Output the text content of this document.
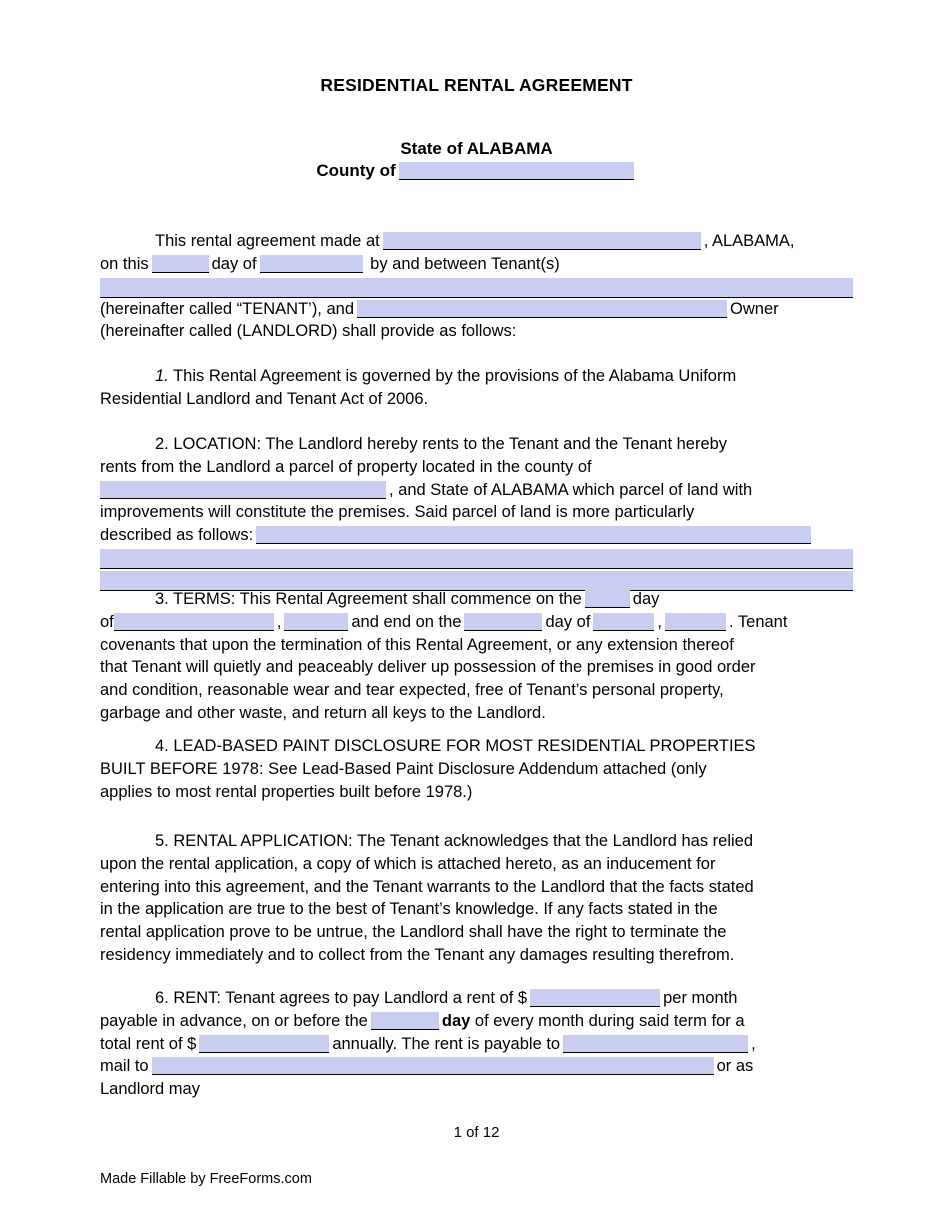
RESIDENTIAL RENTAL AGREEMENT
State of ALABAMA
County of
This rental agreement made at	, ALABAMA,
on this	day of	by and between Tenant(s)
(hereinafter called “TENANT’), and	Owner
(hereinafter called (LANDLORD) shall provide as follows:
1. This Rental Agreement is governed by the provisions of the Alabama Uniform
Residential Landlord and Tenant Act of 2006.
2. LOCATION: The Landlord hereby rents to the Tenant and the Tenant hereby
rents from the Landlord a parcel of property located in the county of
, and State of ALABAMA which parcel of land with
improvements will constitute the premises. Said parcel of land is more particularly
described as follows:
3. TERMS: This Rental Agreement shall commence on the	day
of	,	and end on the	day of	,	. Tenant
covenants that upon the termination of this Rental Agreement, or any extension thereof
that Tenant will quietly and peaceably deliver up possession of the premises in good order
and condition, reasonable wear and tear expected, free of Tenant’s personal property,
garbage and other waste, and return all keys to the Landlord.
4. LEAD-BASED PAINT DISCLOSURE FOR MOST RESIDENTIAL PROPERTIES
BUILT BEFORE 1978: See Lead-Based Paint Disclosure Addendum attached (only
applies to most rental properties built before 1978.)
5. RENTAL APPLICATION: The Tenant acknowledges that the Landlord has relied
upon the rental application, a copy of which is attached hereto, as an inducement for
entering into this agreement, and the Tenant warrants to the Landlord that the facts stated
in the application are true to the best of Tenant’s knowledge. If any facts stated in the
rental application prove to be untrue, the Landlord shall have the right to terminate the
residency immediately and to collect from the Tenant any damages resulting therefrom.
6. RENT: Tenant agrees to pay Landlord a rent of $	per month
payable in advance, on or before the	day of every month during said term for a
total rent of $	annually. The rent is payable to	,
mail to	or as
Landlord may
1 of 12
Made Fillable by FreeForms.com
